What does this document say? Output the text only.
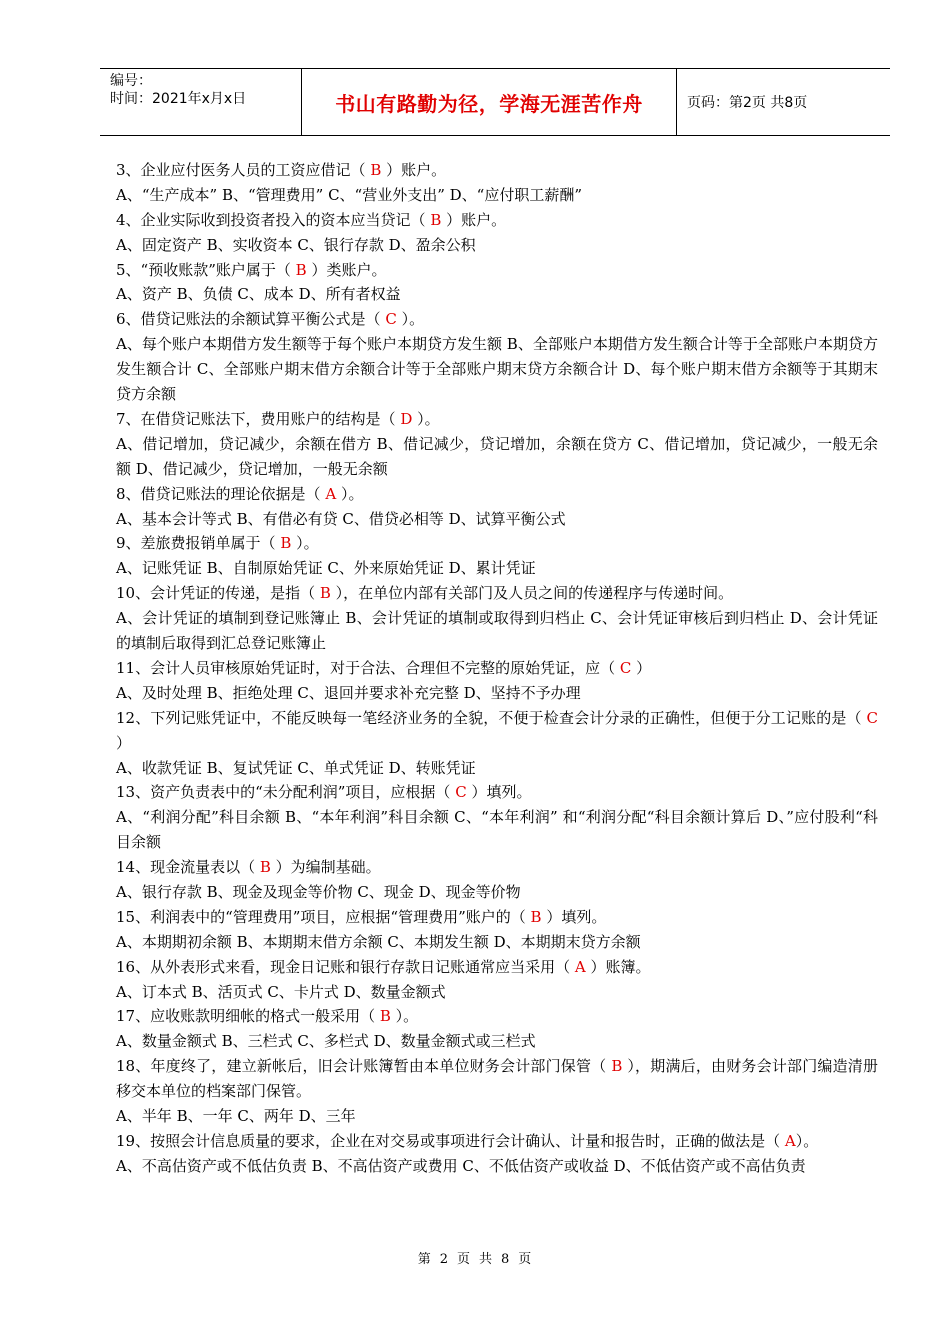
编号：
时间：2021年x月x日	书山有路勤为径，学海无涯苦作舟	页码：第2页 共8页
3、企业应付医务人员的工资应借记（ B ）账户。
A、“生产成本” B、“管理费用” C、“营业外支出” D、“应付职工薪酬”
4、企业实际收到投资者投入的资本应当贷记（ B ）账户。
A、固定资产 B、实收资本 C、银行存款 D、盈余公积
5、“预收账款”账户属于（ B ）类账户。
A、资产 B、负债 C、成本 D、所有者权益
6、借贷记账法的余额试算平衡公式是（ C ）。
A、每个账户本期借方发生额等于每个账户本期贷方发生额 B、全部账户本期借方发生额合计等于全部账户本期贷方发生额合计 C、全部账户期末借方余额合计等于全部账户期末贷方余额合计 D、每个账户期末借方余额等于其期末贷方余额
7、在借贷记账法下，费用账户的结构是（ D ）。
A、借记增加，贷记减少，余额在借方 B、借记减少，贷记增加，余额在贷方 C、借记增加，贷记减少，一般无余额 D、借记减少，贷记增加，一般无余额
8、借贷记账法的理论依据是（ A ）。
A、基本会计等式 B、有借必有贷 C、借贷必相等 D、试算平衡公式
9、差旅费报销单属于（ B ）。
A、记账凭证 B、自制原始凭证 C、外来原始凭证 D、累计凭证
10、会计凭证的传递，是指（ B ），在单位内部有关部门及人员之间的传递程序与传递时间。
A、会计凭证的填制到登记账簿止 B、会计凭证的填制或取得到归档止 C、会计凭证审核后到归档止 D、会计凭证的填制后取得到汇总登记账簿止
11、会计人员审核原始凭证时，对于合法、合理但不完整的原始凭证，应（ C ）
A、及时处理 B、拒绝处理 C、退回并要求补充完整 D、坚持不予办理
12、下列记账凭证中，不能反映每一笔经济业务的全貌，不便于检查会计分录的正确性，但便于分工记账的是（ C ）
A、收款凭证 B、复试凭证 C、单式凭证 D、转账凭证
13、资产负责表中的“未分配利润”项目，应根据（ C ）填列。
A、“利润分配”科目余额 B、“本年利润”科目余额 C、“本年利润” 和“利润分配“科目余额计算后 D、”应付股利“科目余额
14、现金流量表以（ B ）为编制基础。
A、银行存款 B、现金及现金等价物 C、现金 D、现金等价物
15、利润表中的“管理费用”项目，应根据“管理费用”账户的（ B ）填列。
A、本期期初余额 B、本期期末借方余额 C、本期发生额 D、本期期末贷方余额
16、从外表形式来看，现金日记账和银行存款日记账通常应当采用（ A ）账簿。
A、订本式 B、活页式 C、卡片式 D、数量金额式
17、应收账款明细帐的格式一般采用（ B ）。
A、数量金额式 B、三栏式 C、多栏式 D、数量金额式或三栏式
18、年度终了，建立新帐后，旧会计账簿暂由本单位财务会计部门保管（ B ），期满后，由财务会计部门编造清册移交本单位的档案部门保管。
A、半年 B、一年 C、两年 D、三年
19、按照会计信息质量的要求，企业在对交易或事项进行会计确认、计量和报告时，正确的做法是（ A）。
A、不高估资产或不低估负责 B、不高估资产或费用 C、不低估资产或收益 D、不低估资产或不高估负责
第 2 页 共 8 页
